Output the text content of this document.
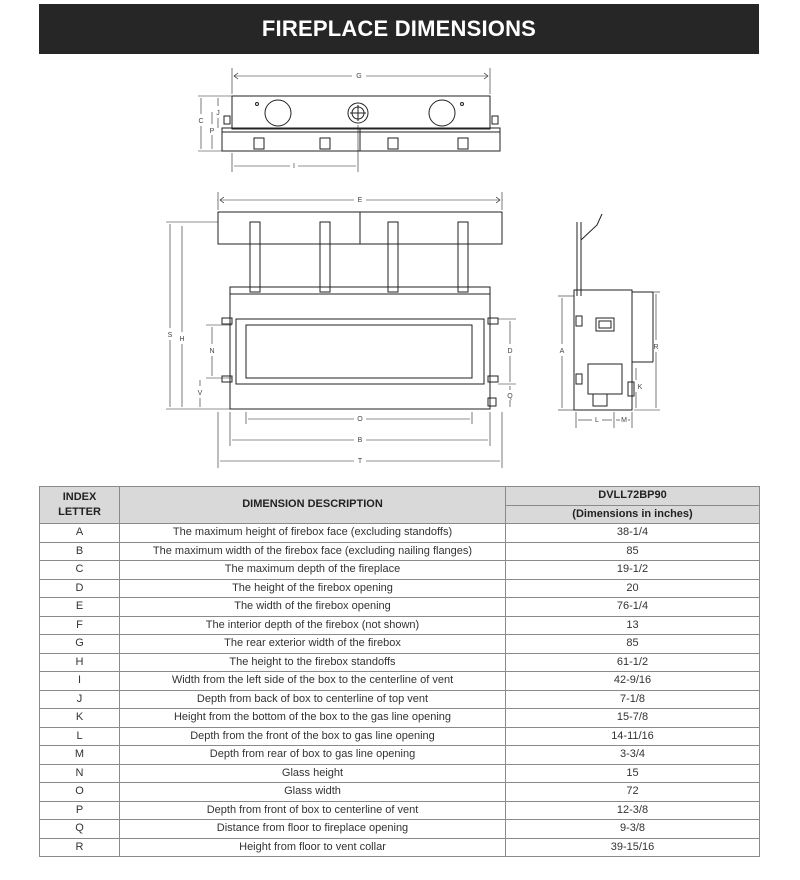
FIREPLACE DIMENSIONS
G
C
P
J
I
E
S
H
N
V
D
Q
O
B
T
A
R
K
L	M
INDEX
LETTER	DIMENSION DESCRIPTION	DVLL72BP90
		(Dimensions in inches)
A	The maximum height of firebox face (excluding standoffs)	38-1/4
B	The maximum width of the firebox face (excluding nailing flanges)	85
C	The maximum depth of the fireplace	19-1/2
D	The height of the firebox opening	20
E	The width of the firebox opening	76-1/4
F	The interior depth of the firebox (not shown)	13
G	The rear exterior width of the firebox	85
H	The height to the firebox standoffs	61-1/2
I	Width from the left side of the box to the centerline of vent	42-9/16
J	Depth from back of box to centerline of top vent	7-1/8
K	Height from the bottom of the box to the gas line opening	15-7/8
L	Depth from the front of the box to gas line opening	14-11/16
M	Depth from rear of box to gas line opening	3-3/4
N	Glass height	15
O	Glass width	72
P	Depth from front of box to centerline of vent	12-3/8
Q	Distance from floor to fireplace opening	9-3/8
R	Height from floor to vent collar	39-15/16
